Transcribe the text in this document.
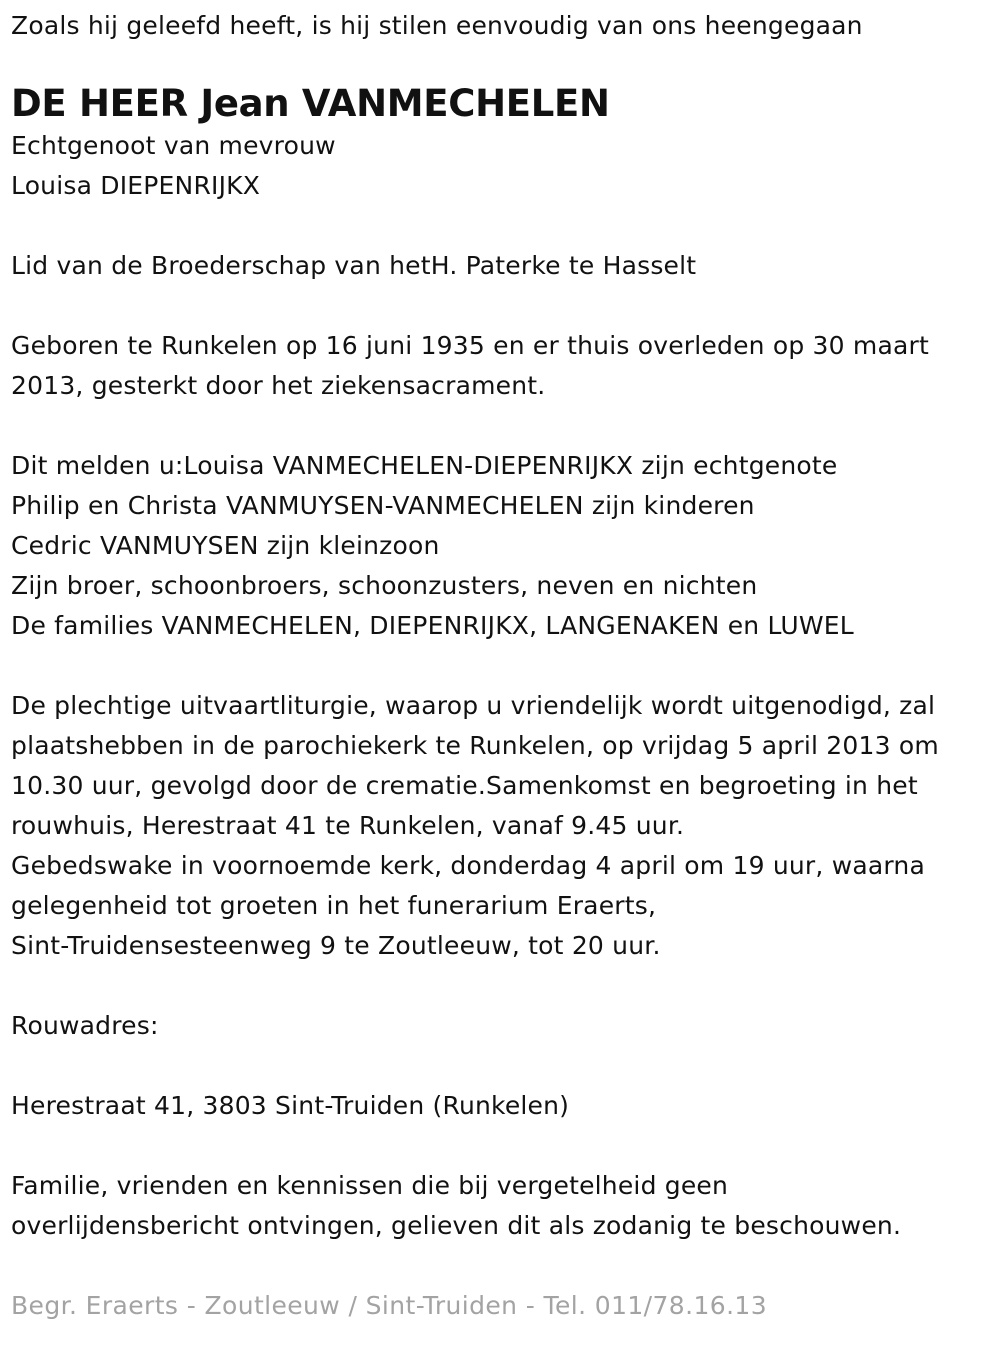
Zoals hij geleefd heeft, is hij stilen eenvoudig van ons heengegaan
DE HEER Jean VANMECHELEN
Echtgenoot van mevrouw
Louisa DIEPENRIJKX
Lid van de Broederschap van hetH. Paterke te Hasselt
Geboren te Runkelen op 16 juni 1935 en er thuis overleden op 30 maart
2013, gesterkt door het ziekensacrament.
Dit melden u:Louisa VANMECHELEN-DIEPENRIJKX zijn echtgenote
Philip en Christa VANMUYSEN-VANMECHELEN zijn kinderen
Cedric VANMUYSEN zijn kleinzoon
Zijn broer, schoonbroers, schoonzusters, neven en nichten
De families VANMECHELEN, DIEPENRIJKX, LANGENAKEN en LUWEL
De plechtige uitvaartliturgie, waarop u vriendelijk wordt uitgenodigd, zal
plaatshebben in de parochiekerk te Runkelen, op vrijdag 5 april 2013 om
10.30 uur, gevolgd door de crematie.Samenkomst en begroeting in het
rouwhuis, Herestraat 41 te Runkelen, vanaf 9.45 uur.
Gebedswake in voornoemde kerk, donderdag 4 april om 19 uur, waarna
gelegenheid tot groeten in het funerarium Eraerts,
Sint-Truidensesteenweg 9 te Zoutleeuw, tot 20 uur.
Rouwadres:
Herestraat 41, 3803 Sint-Truiden (Runkelen)
Familie, vrienden en kennissen die bij vergetelheid geen
overlijdensbericht ontvingen, gelieven dit als zodanig te beschouwen.
Begr. Eraerts - Zoutleeuw / Sint-Truiden - Tel. 011/78.16.13
